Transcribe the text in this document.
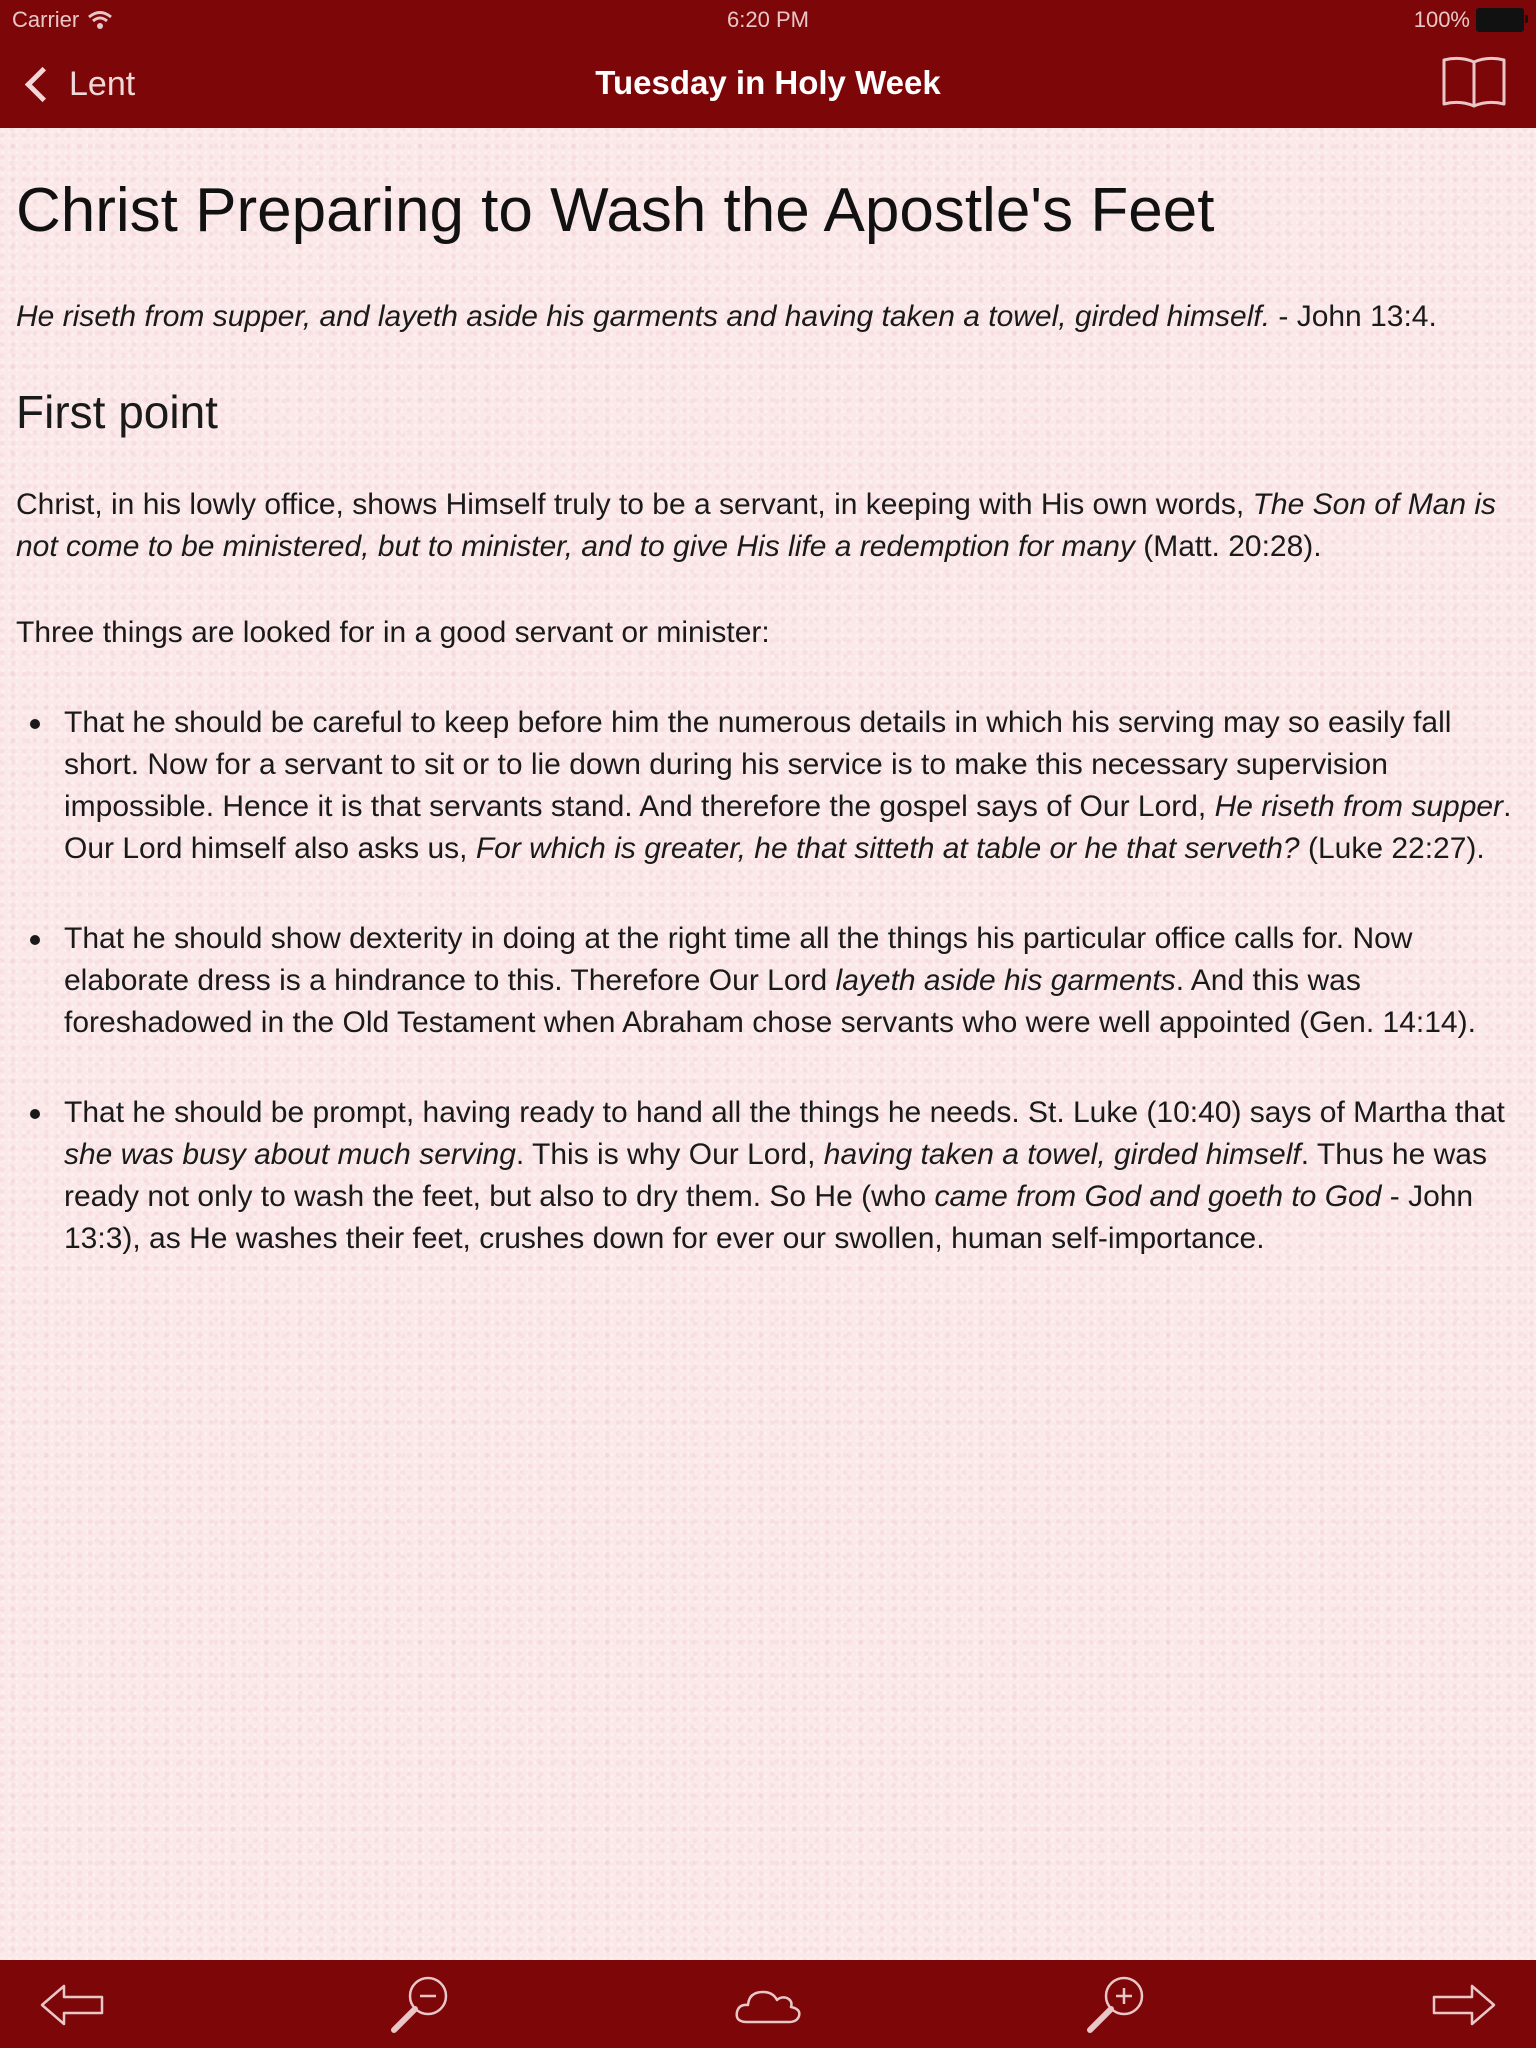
Carrier	6:20 PM	100%
Lent	Tuesday in Holy Week
Christ Preparing to Wash the Apostle's Feet

He riseth from supper, and layeth aside his garments and having taken a towel, girded himself. - John 13:4.

First point

Christ, in his lowly office, shows Himself truly to be a servant, in keeping with His own words, The Son of Man is not come to be ministered, but to minister, and to give His life a redemption for many (Matt. 20:28).

Three things are looked for in a good servant or minister:

That he should be careful to keep before him the numerous details in which his serving may so easily fall short. Now for a servant to sit or to lie down during his service is to make this necessary supervision impossible. Hence it is that servants stand. And therefore the gospel says of Our Lord, He riseth from supper. Our Lord himself also asks us, For which is greater, he that sitteth at table or he that serveth? (Luke 22:27).
That he should show dexterity in doing at the right time all the things his particular office calls for. Now elaborate dress is a hindrance to this. Therefore Our Lord layeth aside his garments. And this was foreshadowed in the Old Testament when Abraham chose servants who were well appointed (Gen. 14:14).
That he should be prompt, having ready to hand all the things he needs. St. Luke (10:40) says of Martha that she was busy about much serving. This is why Our Lord, having taken a towel, girded himself. Thus he was ready not only to wash the feet, but also to dry them. So He (who came from God and goeth to God - John 13:3), as He washes their feet, crushes down for ever our swollen, human self-importance.
